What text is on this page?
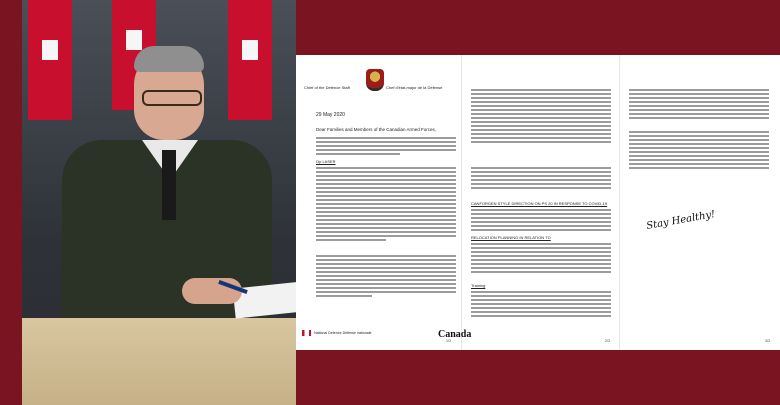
Chief of the Defence Staff	Chef d'état-major de la Défense
29 May 2020
Dear Families and Members of the Canadian Armed Forces,
Op LASER
National Defence Défense nationale	Canada
1/3
CANFORGEN STYLE DIRECTION ON PS 20 IN RESPONSE TO COVID-19
RELOCATION PLANNING IN RELATION TO
Training
2/3	3/3
Stay Healthy!
